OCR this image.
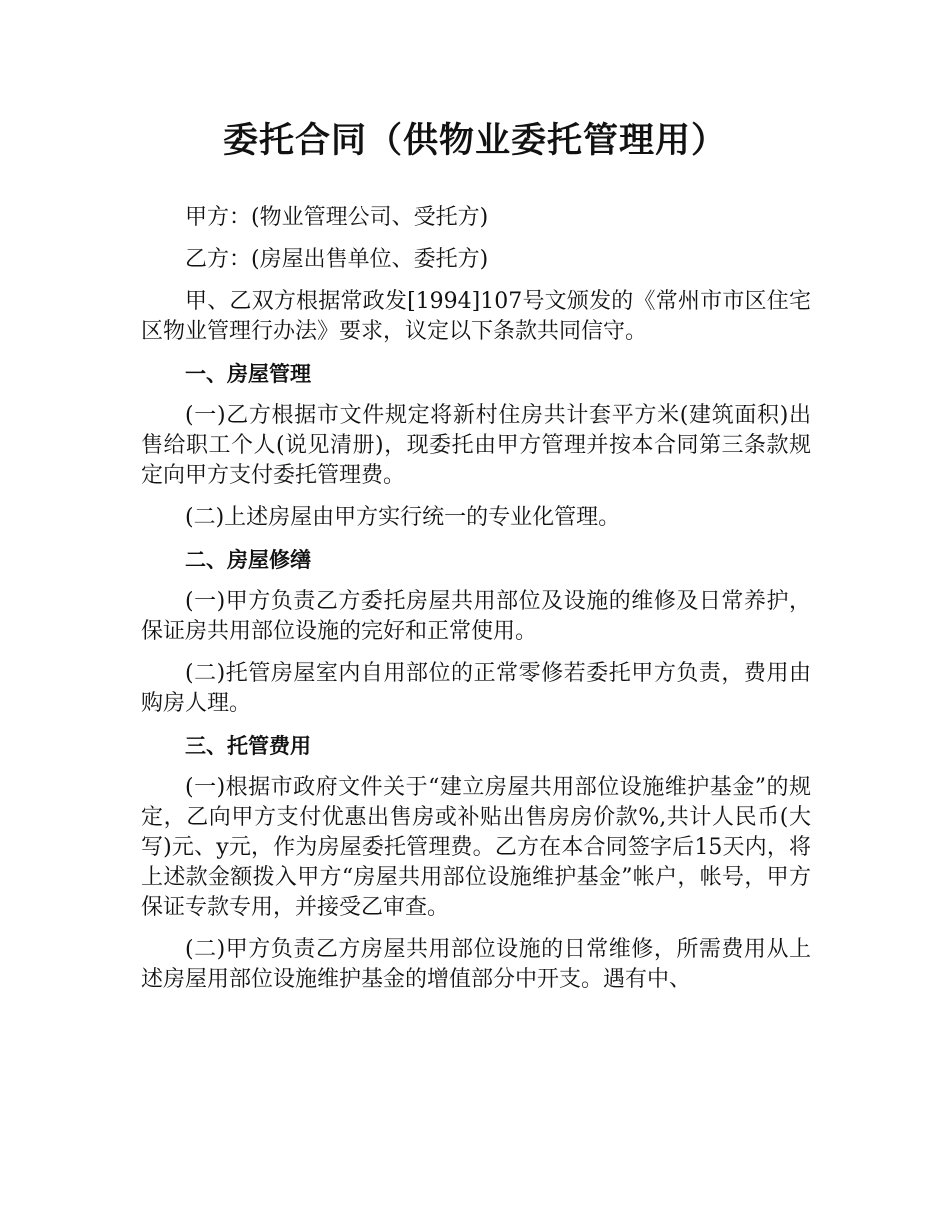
委托合同（供物业委托管理用）

甲方：(物业管理公司、受托方)

乙方：(房屋出售单位、委托方)

甲、乙双方根据常政发[1994]107号文颁发的《常州市市区住宅区物业管理行办法》要求，议定以下条款共同信守。

一、房屋管理

(一)乙方根据市文件规定将新村住房共计套平方米(建筑面积)出售给职工个人(说见清册)，现委托由甲方管理并按本合同第三条款规定向甲方支付委托管理费。

(二)上述房屋由甲方实行统一的专业化管理。

二、房屋修缮

(一)甲方负责乙方委托房屋共用部位及设施的维修及日常养护，保证房共用部位设施的完好和正常使用。

(二)托管房屋室内自用部位的正常零修若委托甲方负责，费用由购房人理。

三、托管费用

(一)根据市政府文件关于“建立房屋共用部位设施维护基金”的规定，乙向甲方支付优惠出售房或补贴出售房房价款%,共计人民币(大写)元、y元，作为房屋委托管理费。乙方在本合同签字后15天内，将上述款金额拨入甲方“房屋共用部位设施维护基金”帐户，帐号，甲方保证专款专用，并接受乙审查。

(二)甲方负责乙方房屋共用部位设施的日常维修，所需费用从上述房屋用部位设施维护基金的增值部分中开支。遇有中、
